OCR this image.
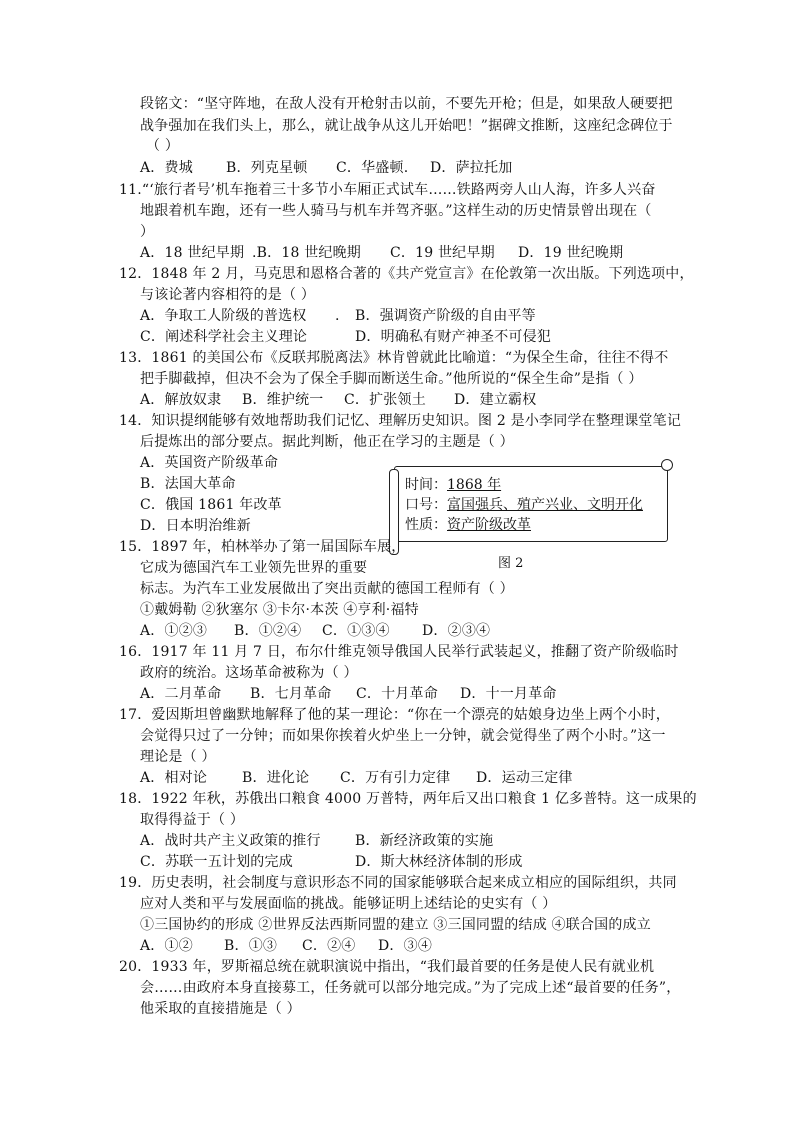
段铭文：“坚守阵地，在敌人没有开枪射击以前，不要先开枪；但是，如果敌人硬要把
战争强加在我们头上，那么，就让战争从这儿开始吧！”据碑文推断，这座纪念碑位于
（ ）
A．费城 B．列克星顿 C．华盛顿. D．萨拉托加
11.“‘旅行者号’机车拖着三十多节小车厢正式试车……铁路两旁人山人海，许多人兴奋
地跟着机车跑，还有一些人骑马与机车并驾齐驱。”这样生动的历史情景曾出现在（
）
A．18 世纪早期 .B．18 世纪晚期 C．19 世纪早期 D．19 世纪晚期
12．1848 年 2 月，马克思和恩格合著的《共产党宣言》在伦敦第一次出版。下列选项中，
与该论著内容相符的是（ ）
A．争取工人阶级的普选权 . B．强调资产阶级的自由平等
C．阐述科学社会主义理论	D．明确私有财产神圣不可侵犯
13．1861 的美国公布《反联邦脱离法》林肯曾就此比喻道：“为保全生命，往往不得不
把手脚截掉，但决不会为了保全手脚而断送生命。”他所说的“保全生命”是指（ ）
A．解放奴隶 B．维护统一 C．扩张领土 D．建立霸权
14．知识提纲能够有效地帮助我们记忆、理解历史知识。图 2 是小李同学在整理课堂笔记
后提炼出的部分要点。据此判断，他正在学习的主题是（ ）
A．英国资产阶级革命
B．法国大革命
C．俄国 1861 年改革
D．日本明治维新
时间：1868 年
口号：富国强兵、殖产兴业、文明开化
性质：资产阶级改革
图 2
15．1897 年，柏林举办了第一届国际车展，
它成为德国汽车工业领先世界的重要
标志。为汽车工业发展做出了突出贡献的德国工程师有（ ）
①戴姆勒 ②狄塞尔 ③卡尔·本茨 ④亨利·福特
A．①②③ B．①②④ C．①③④ D．②③④
16．1917 年 11 月 7 日，布尔什维克领导俄国人民举行武装起义，推翻了资产阶级临时
政府的统治。这场革命被称为（ ）
A．二月革命 B．七月革命 C．十月革命 D．十一月革命
17．爱因斯坦曾幽默地解释了他的某一理论：“你在一个漂亮的姑娘身边坐上两个小时，
会觉得只过了一分钟；而如果你挨着火炉坐上一分钟，就会觉得坐了两个小时。”这一
理论是（ ）
A．相对论 B．进化论 C．万有引力定律 D．运动三定律
18．1922 年秋，苏俄出口粮食 4000 万普特，两年后又出口粮食 1 亿多普特。这一成果的
取得得益于（ ）
A．战时共产主义政策的推行 B．新经济政策的实施
C．苏联一五计划的完成	D．斯大林经济体制的形成
19．历史表明，社会制度与意识形态不同的国家能够联合起来成立相应的国际组织，共同
应对人类和平与发展面临的挑战。能够证明上述结论的史实有（ ）
①三国协约的形成 ②世界反法西斯同盟的建立 ③三国同盟的结成 ④联合国的成立
A．①② B．①③ C．②④ D．③④
20．1933 年，罗斯福总统在就职演说中指出，“我们最首要的任务是使人民有就业机
会……由政府本身直接募工，任务就可以部分地完成。”为了完成上述“最首要的任务”，
他采取的直接措施是（ ）
